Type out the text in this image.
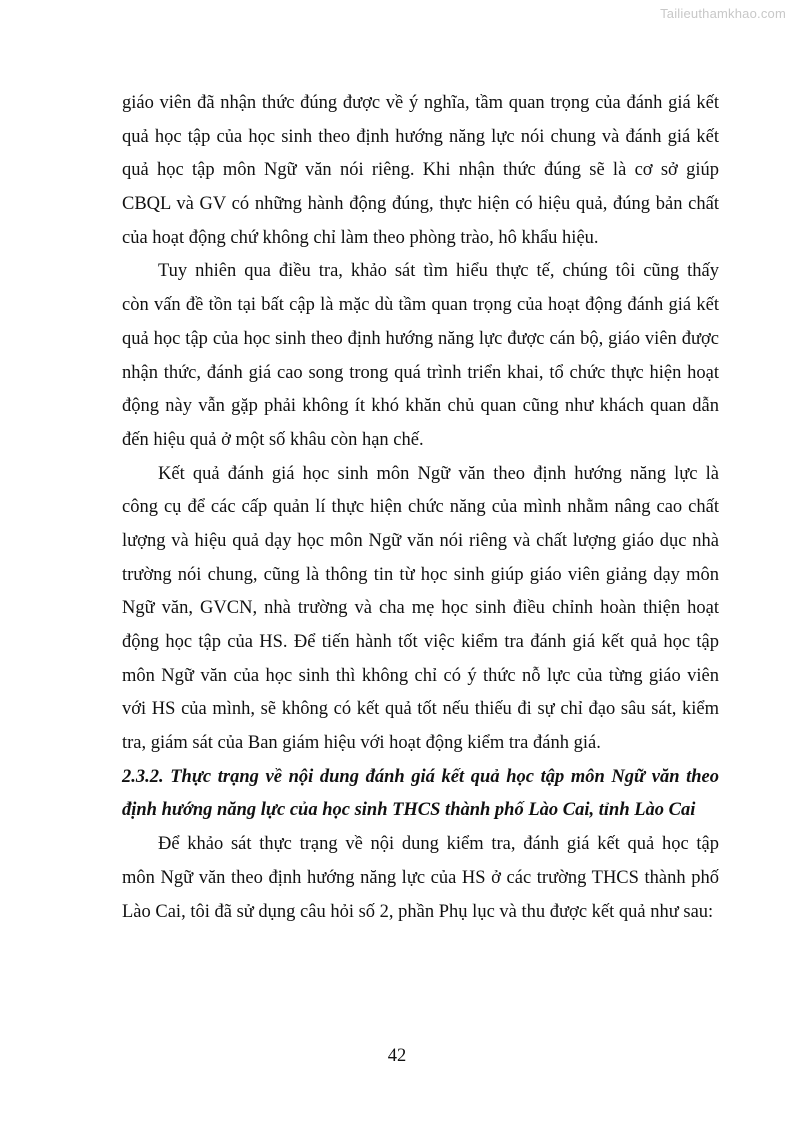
Tailieuthamkhao.com
giáo viên đã nhận thức đúng được về ý nghĩa, tầm quan trọng của đánh giá kết
quả học tập của học sinh theo định hướng năng lực nói chung và đánh giá kết
quả học tập môn Ngữ văn nói riêng. Khi nhận thức đúng sẽ là cơ sở giúp
CBQL và GV có những hành động đúng, thực hiện có hiệu quả, đúng bản chất
của hoạt động chứ không chỉ làm theo phòng trào, hô khẩu hiệu.
Tuy nhiên qua điều tra, khảo sát tìm hiểu thực tế, chúng tôi cũng thấy
còn vấn đề tồn tại bất cập là mặc dù tầm quan trọng của hoạt động đánh giá kết
quả học tập của học sinh theo định hướng năng lực được cán bộ, giáo viên được
nhận thức, đánh giá cao song trong quá trình triển khai, tổ chức thực hiện hoạt
động này vẫn gặp phải không ít khó khăn chủ quan cũng như khách quan dẫn
đến hiệu quả ở một số khâu còn hạn chế.
Kết quả đánh giá học sinh môn Ngữ văn theo định hướng năng lực là
công cụ để các cấp quản lí thực hiện chức năng của mình nhằm nâng cao chất
lượng và hiệu quả dạy học môn Ngữ văn nói riêng và chất lượng giáo dục nhà
trường nói chung, cũng là thông tin từ học sinh giúp giáo viên giảng dạy môn
Ngữ văn, GVCN, nhà trường và cha mẹ học sinh điều chỉnh hoàn thiện hoạt
động học tập của HS. Để tiến hành tốt việc kiểm tra đánh giá kết quả học tập
môn Ngữ văn của học sinh thì không chỉ có ý thức nỗ lực của từng giáo viên
với HS của mình, sẽ không có kết quả tốt nếu thiếu đi sự chỉ đạo sâu sát, kiểm
tra, giám sát của Ban giám hiệu với hoạt động kiểm tra đánh giá.
2.3.2. Thực trạng về nội dung đánh giá kết quả học tập môn Ngữ văn theo
định hướng năng lực của học sinh THCS thành phố Lào Cai, tỉnh Lào Cai
Để khảo sát thực trạng về nội dung kiểm tra, đánh giá kết quả học tập
môn Ngữ văn theo định hướng năng lực của HS ở các trường THCS thành phố
Lào Cai, tôi đã sử dụng câu hỏi số 2, phần Phụ lục và thu được kết quả như sau:
42
